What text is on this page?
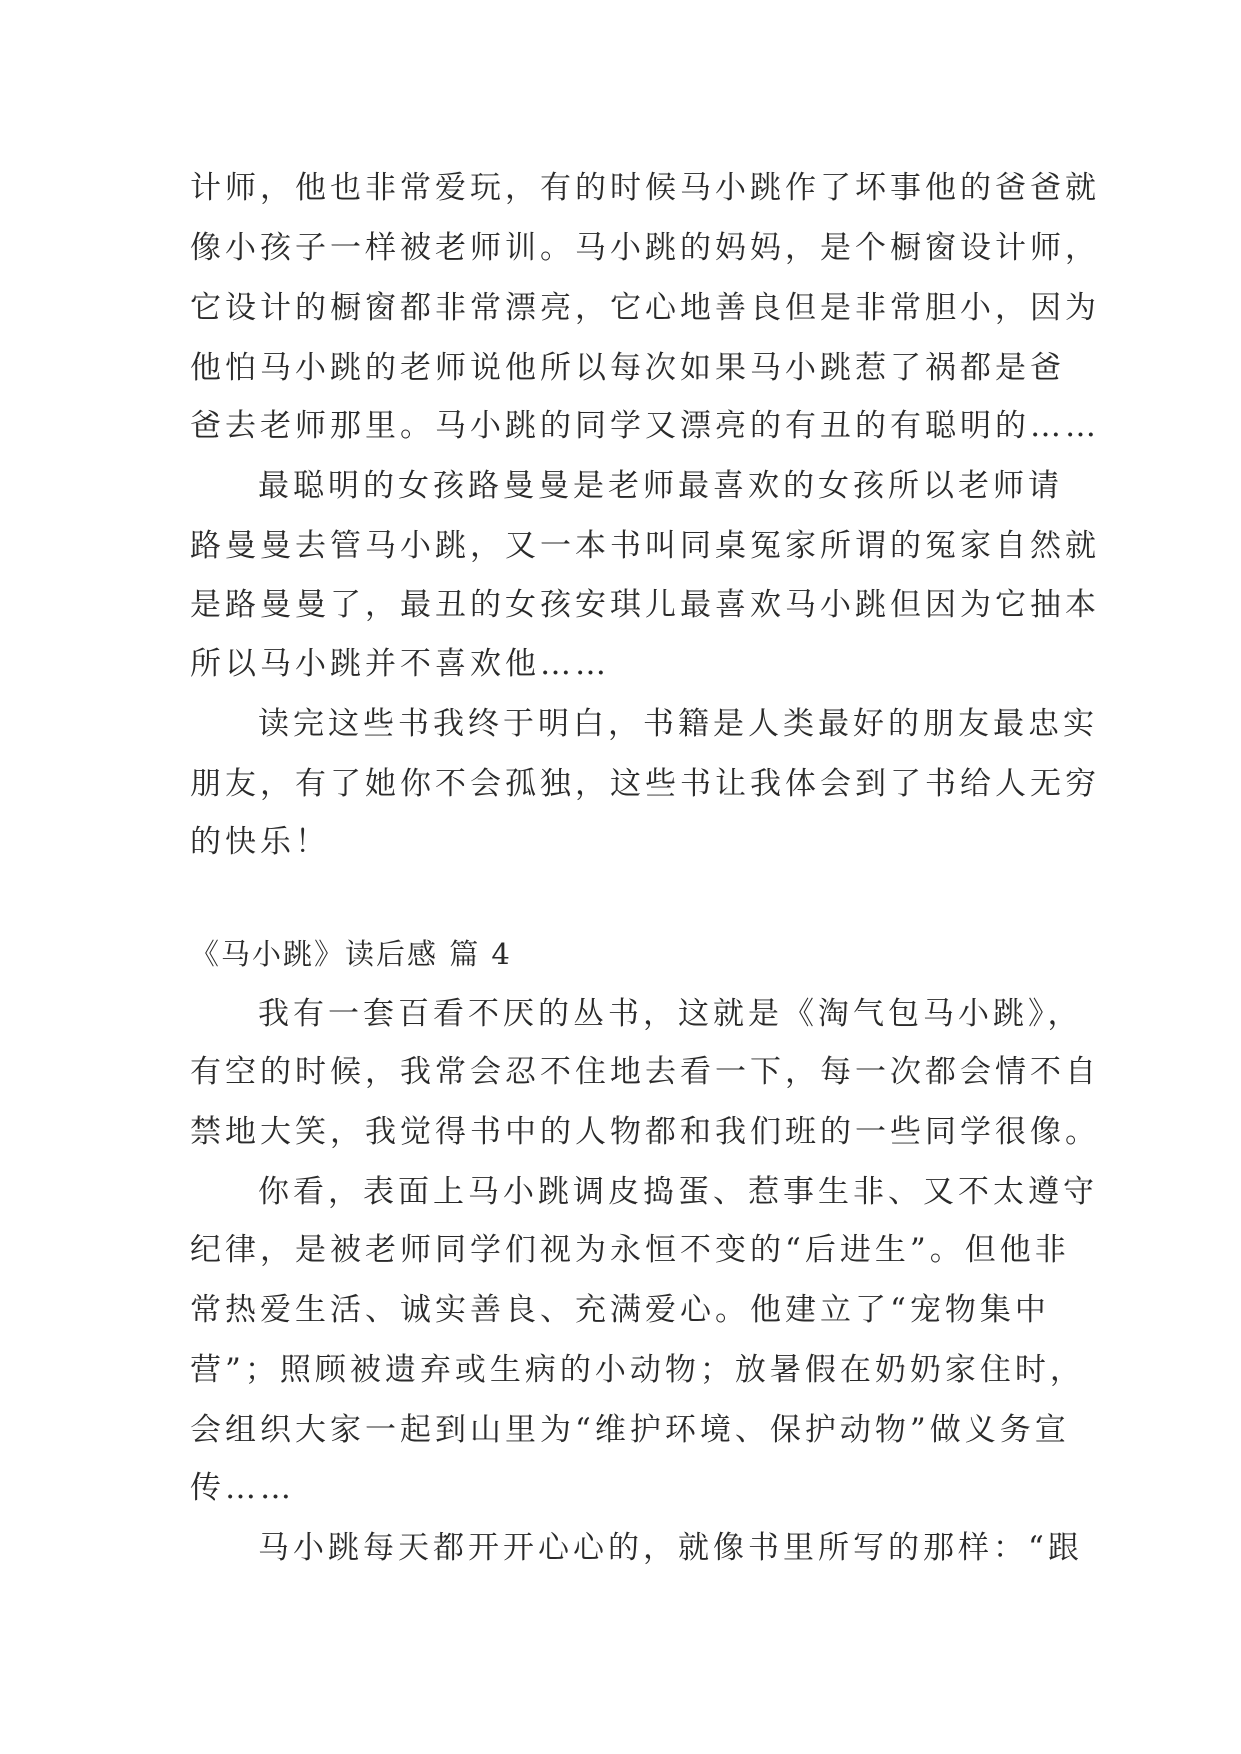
计师，他也非常爱玩，有的时候马小跳作了坏事他的爸爸就
像小孩子一样被老师训。马小跳的妈妈，是个橱窗设计师，
它设计的橱窗都非常漂亮，它心地善良但是非常胆小，因为
他怕马小跳的老师说他所以每次如果马小跳惹了祸都是爸
爸去老师那里。马小跳的同学又漂亮的有丑的有聪明的……
最聪明的女孩路曼曼是老师最喜欢的女孩所以老师请
路曼曼去管马小跳，又一本书叫同桌冤家所谓的冤家自然就
是路曼曼了，最丑的女孩安琪儿最喜欢马小跳但因为它抽本
所以马小跳并不喜欢他……
读完这些书我终于明白，书籍是人类最好的朋友最忠实
朋友，有了她你不会孤独，这些书让我体会到了书给人无穷
的快乐！
《马小跳》读后感 篇 4
我有一套百看不厌的丛书，这就是《淘气包马小跳》，
有空的时候，我常会忍不住地去看一下，每一次都会情不自
禁地大笑，我觉得书中的人物都和我们班的一些同学很像。
你看，表面上马小跳调皮捣蛋、惹事生非、又不太遵守
纪律，是被老师同学们视为永恒不变的“后进生”。但他非
常热爱生活、诚实善良、充满爱心。他建立了“宠物集中
营”；照顾被遗弃或生病的小动物；放暑假在奶奶家住时，
会组织大家一起到山里为“维护环境、保护动物”做义务宣
传……
马小跳每天都开开心心的，就像书里所写的那样：“跟
